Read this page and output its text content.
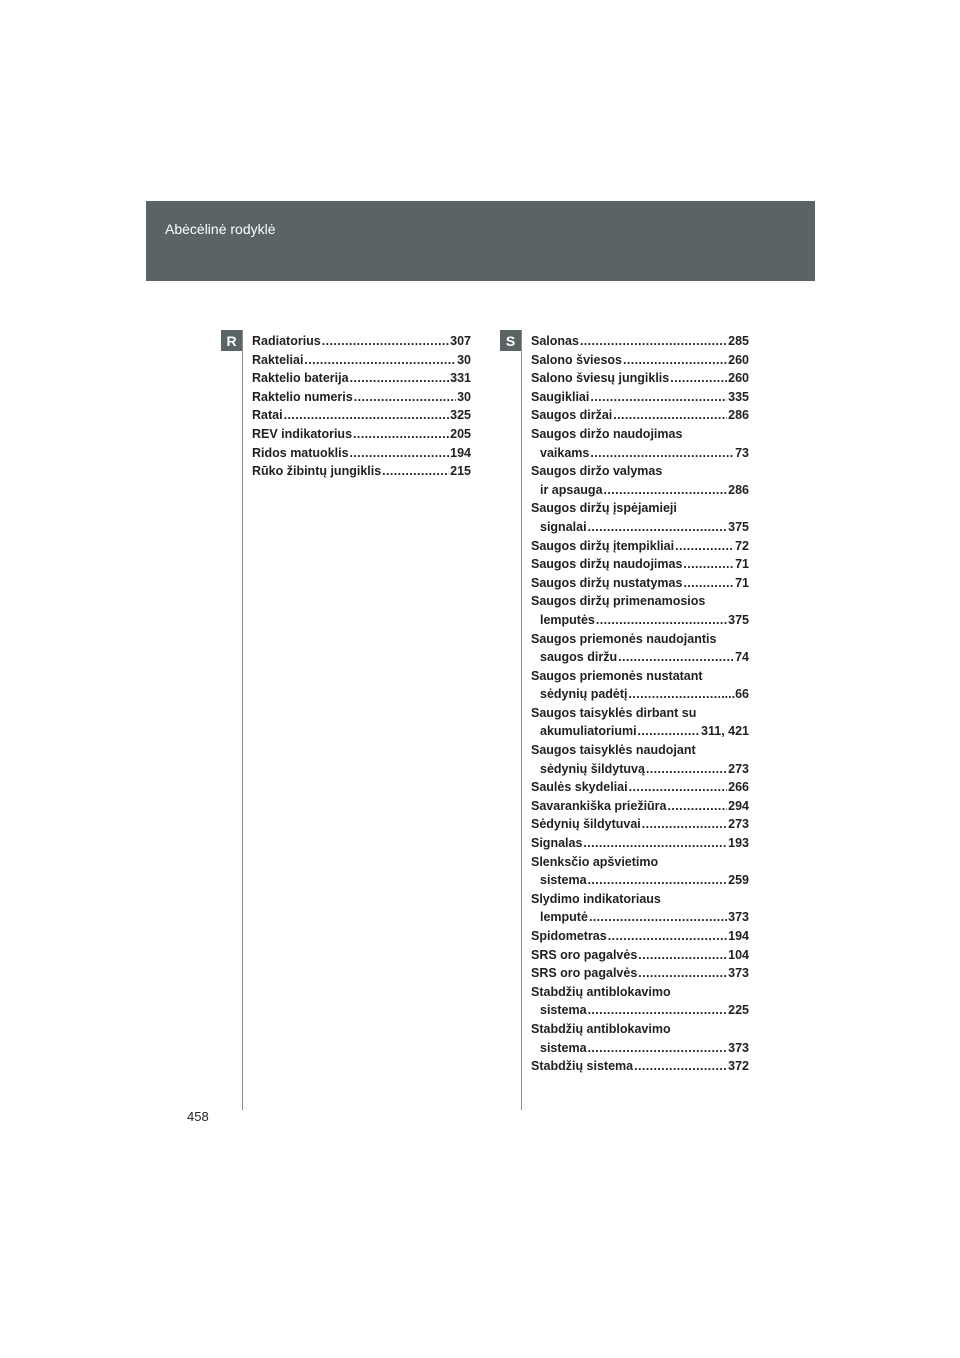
Abėcėlinė rodyklė
R	S
Radiatorius .....	307
Rakteliai .....	30
Raktelio baterija .....	331
Raktelio numeris .....	30
Ratai .....	325
REV indikatorius .....	205
Ridos matuoklis .....	194
Rūko žibintų jungiklis .....	215
Salonas .....	285
Salono šviesos .....	260
Salono šviesų jungiklis .....	260
Saugikliai .....	335
Saugos diržai .....	286
Saugos diržo naudojimas
vaikams .....	73
Saugos diržo valymas
ir apsauga .....	286
Saugos diržų įspėjamieji
signalai .....	375
Saugos diržų įtempikliai .....	72
Saugos diržų naudojimas .....	71
Saugos diržų nustatymas .....	71
Saugos diržų primenamosios
lemputės .....	375
Saugos priemonės naudojantis
saugos diržu .....	74
Saugos priemonės nustatant
sėdynių padėtį .....	....66
Saugos taisyklės dirbant su
akumuliatoriumi .....	311, 421
Saugos taisyklės naudojant
sėdynių šildytuvą .....	273
Saulės skydeliai .....	266
Savarankiška priežiūra .....	294
Sėdynių šildytuvai .....	273
Signalas .....	193
Slenksčio apšvietimo
sistema .....	259
Slydimo indikatoriaus
lemputė .....	373
Spidometras .....	194
SRS oro pagalvės .....	104
SRS oro pagalvės .....	373
Stabdžių antiblokavimo
sistema .....	225
Stabdžių antiblokavimo
sistema .....	373
Stabdžių sistema .....	372
458
